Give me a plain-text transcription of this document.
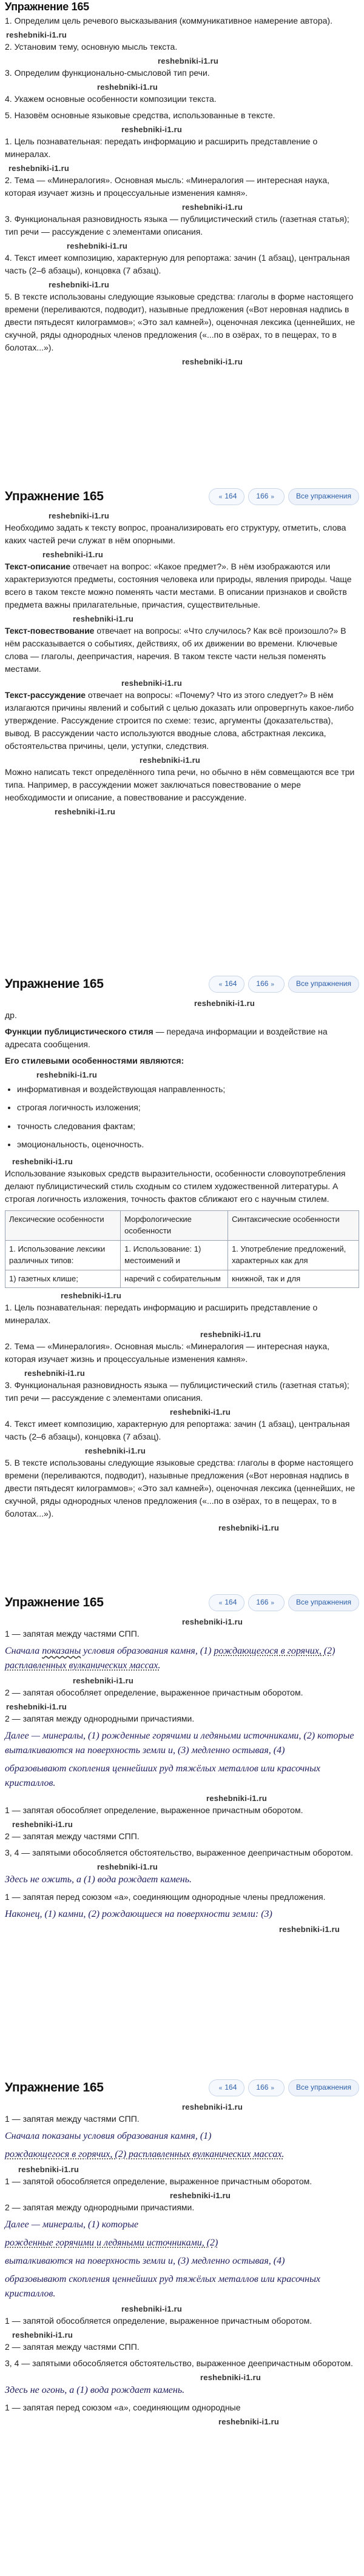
Упражнение 165
1. Определим цель речевого высказывания (коммуникативное намерение автора).
reshebniki-i1.ru
2. Установим тему, основную мысль текста.
reshebniki-i1.ru
3. Определим функционально-смысловой тип речи.
reshebniki-i1.ru
4. Укажем основные особенности композиции текста.
5. Назовём основные языковые средства, использованные в тексте.
reshebniki-i1.ru
1. Цель познавательная: передать информацию и расширить представление о минералах.
reshebniki-i1.ru
2. Тема — «Минералогия». Основная мысль: «Минералогия — интересная наука, которая изучает жизнь и процессуальные изменения камня».
reshebniki-i1.ru
3. Функциональная разновидность языка — публицистический стиль (газетная статья); тип речи — рассуждение с элементами описания.
reshebniki-i1.ru
4. Текст имеет композицию, характерную для репортажа: зачин (1 абзац), центральная часть (2–6 абзацы), концовка (7 абзац).
reshebniki-i1.ru
5. В тексте использованы следующие языковые средства: глаголы в форме настоящего времени (переливаются, подводит), назывные предложения («Вот неровная надпись в двести пятьдесят килограммов»; «Это зал камней»), оценочная лексика (ценнейших, не скучной, ряды однородных членов предложения («...по в озёрах, то в пещерах, то в болотах...»).
reshebniki-i1.ru
Упражнение 165	« 164	166 »	Все упражнения
reshebniki-i1.ru
Необходимо задать к тексту вопрос, проанализировать его структуру, отметить, слова каких частей речи служат в нём опорными.
reshebniki-i1.ru
Текст-описание отвечает на вопрос: «Какое предмет?». В нём изображаются или характеризуются предметы, состояния человека или природы, явления природы. Чаще всего в таком тексте можно поменять части местами. В описании признаков и свойств предмета важны прилагательные, причастия, существительные.
reshebniki-i1.ru
Текст-повествование отвечает на вопросы: «Что случилось? Как всё произошло?» В нём рассказывается о событиях, действиях, об их движении во времени. Ключевые слова — глаголы, деепричастия, наречия. В таком тексте части нельзя поменять местами.
reshebniki-i1.ru
Текст-рассуждение отвечает на вопросы: «Почему? Что из этого следует?» В нём излагаются причины явлений и событий с целью доказать или опровергнуть какое-либо утверждение. Рассуждение строится по схеме: тезис, аргументы (доказательства), вывод. В рассуждении часто используются вводные слова, абстрактная лексика, обстоятельства причины, цели, уступки, следствия.
reshebniki-i1.ru
Можно написать текст определённого типа речи, но обычно в нём совмещаются все три типа. Например, в рассуждении может заключаться повествование о мере необходимости и описание, а повествование и рассуждение.
reshebniki-i1.ru
Упражнение 165	« 164	166 »	Все упражнения
reshebniki-i1.ru
др.
Функции публицистического стиля — передача информации и воздействие на адресата сообщения.
Его стилевыми особенностями являются:
reshebniki-i1.ru
• информативная и воздействующая направленность;
• строгая логичность изложения;
• точность следования фактам;
• эмоциональность, оценочность.
reshebniki-i1.ru
Использование языковых средств выразительности, особенности словоупотребления делают публицистический стиль сходным со стилем художественной литературы. А строгая логичность изложения, точность фактов сближают его с научным стилем.
Лексические особенности	Морфологические особенности	Синтаксические особенности
1. Использование лексики различных типов:	1. Использование: 1) местоимений и	1. Употребление предложений, характерных как для
1) газетных клише;	наречий с собирательным	книжной, так и для
reshebniki-i1.ru
1. Цель познавательная: передать информацию и расширить представление о минералах.
reshebniki-i1.ru
2. Тема — «Минералогия». Основная мысль: «Минералогия — интересная наука, которая изучает жизнь и процессуальные изменения камня».
reshebniki-i1.ru
3. Функциональная разновидность языка — публицистический стиль (газетная статья); тип речи — рассуждение с элементами описания.
reshebniki-i1.ru
4. Текст имеет композицию, характерную для репортажа: зачин (1 абзац), центральная часть (2–6 абзацы), концовка (7 абзац).
reshebniki-i1.ru
5. В тексте использованы следующие языковые средства: глаголы в форме настоящего времени (переливаются, подводит), назывные предложения («Вот неровная надпись в двести пятьдесят килограммов»; «Это зал камней»), оценочная лексика (ценнейших, не скучной, ряды однородных членов предложения («...по в озёрах, то в пещерах, то в болотах...»).
reshebniki-i1.ru
Упражнение 165	« 164	166 »	Все упражнения
reshebniki-i1.ru
1 — запятая между частями СПП.
Сначала показаны условия образования камня, (1) рождающегося в горячих, (2) расплавленных вулканических массах.
reshebniki-i1.ru
2 — запятая обособляет определение, выраженное причастным оборотом.
reshebniki-i1.ru
2 — запятая между однородными причастиями.
Далее — минералы, (1) рожденные горячими и ледяными источниками, (2) которые выталкиваются на поверхность земли и, (3) медленно остывая, (4)
образовывают скопления ценнейших руд тяжёлых металлов или красочных кристаллов.
reshebniki-i1.ru
1 — запятая обособляет определение, выраженное причастным оборотом.
reshebniki-i1.ru
2 — запятая между частями СПП.
3, 4 — запятыми обособляется обстоятельство, выраженное деепричастным оборотом.
reshebniki-i1.ru
Здесь не ожить, а (1) вода рождает камень.
1 — запятая перед союзом «а», соединяющим однородные члены предложения.
Наконец, (1) камни, (2) рождающиеся на поверхности земли: (3)
reshebniki-i1.ru
Упражнение 165	« 164	166 »	Все упражнения
reshebniki-i1.ru
1 — запятая между частями СПП.
Сначала показаны условия образования камня, (1)
рождающегося в горячих, (2) расплавленных вулканических массах.
reshebniki-i1.ru
1 — запятой обособляется определение, выраженное причастным оборотом.
reshebniki-i1.ru
2 — запятая между однородными причастиями.
Далее — минералы, (1) которые
рожденные горячими и ледяными источниками, (2)
выталкиваются на поверхность земли и, (3) медленно остывая, (4)
образовывают скопления ценнейших руд тяжёлых металлов или красочных кристаллов.
reshebniki-i1.ru
1 — запятой обособляется определение, выраженное причастным оборотом.
reshebniki-i1.ru
2 — запятая между частями СПП.
3, 4 — запятыми обособляется обстоятельство, выраженное деепричастным оборотом.
reshebniki-i1.ru
Здесь не огонь, а (1) вода рождает камень.
1 — запятая перед союзом «а», соединяющим однородные
reshebniki-i1.ru
